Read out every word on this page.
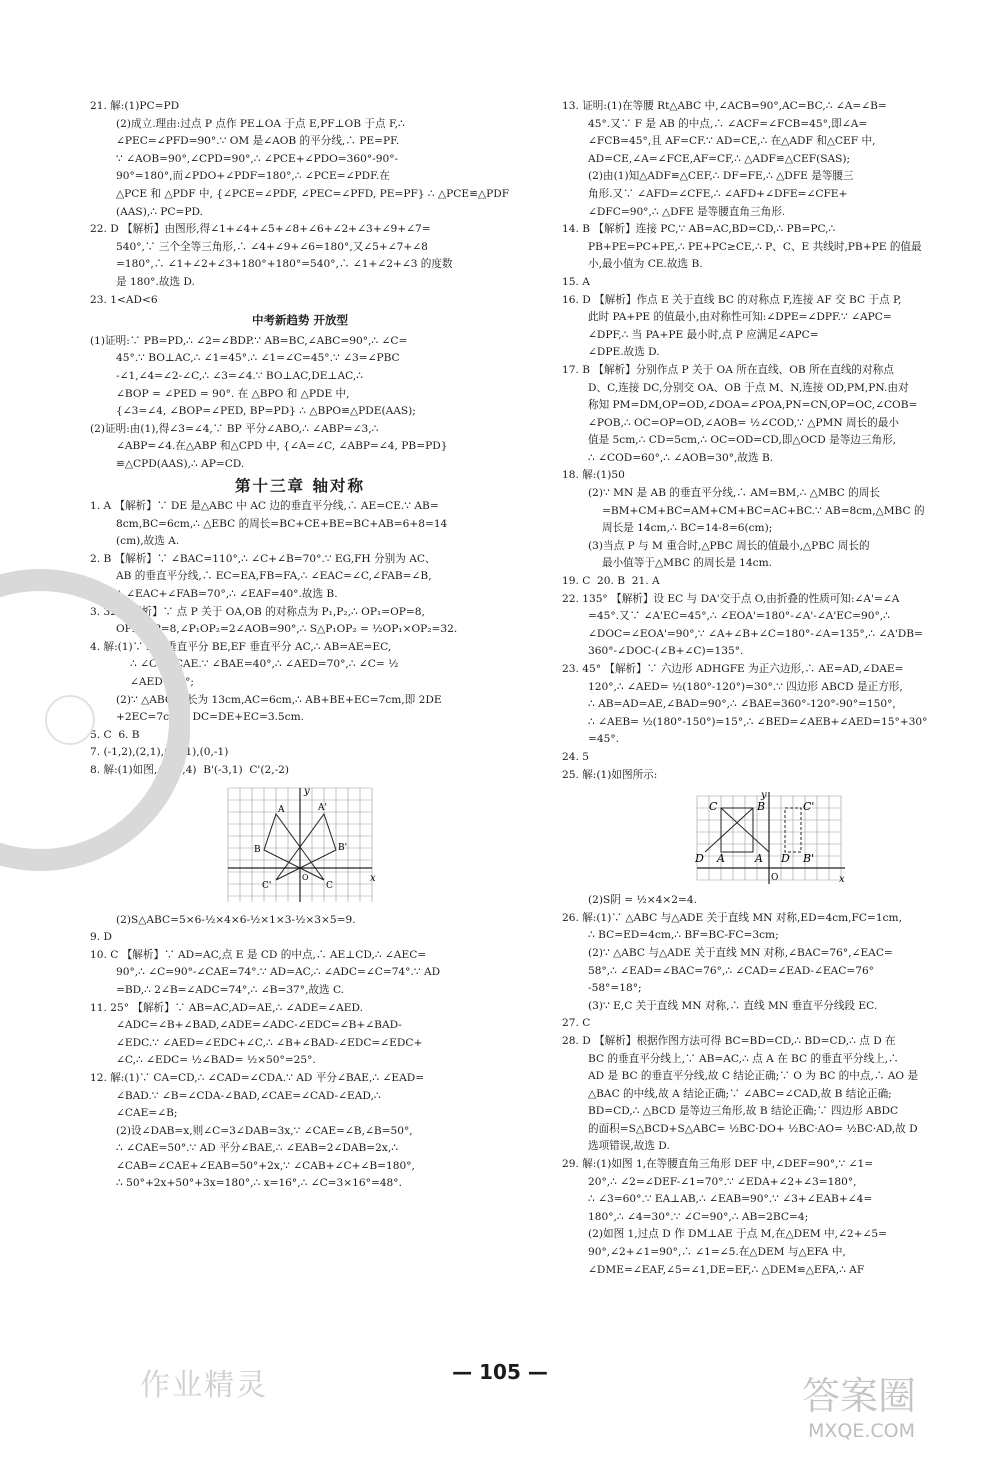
21. 解:(1)PC=PD

(2)成立.理由:过点 P 点作 PE⊥OA 于点 E,PF⊥OB 于点 F,∴

∠PEC=∠PFD=90°.∵ OM 是∠AOB 的平分线,∴ PE=PF.

∵ ∠AOB=90°,∠CPD=90°,∴ ∠PCE+∠PDO=360°-90°-

90°=180°,而∠PDO+∠PDF=180°,∴ ∠PCE=∠PDF.在

△PCE 和 △PDF 中, {∠PCE=∠PDF, ∠PEC=∠PFD, PE=PF} ∴ △PCE≌△PDF

(AAS),∴ PC=PD.

22. D 【解析】由图形,得∠1+∠4+∠5+∠8+∠6+∠2+∠3+∠9+∠7=

540°,∵ 三个全等三角形,∴ ∠4+∠9+∠6=180°,又∠5+∠7+∠8

=180°,∴ ∠1+∠2+∠3+180°+180°=540°,∴ ∠1+∠2+∠3 的度数

是 180°.故选 D.

23. 1<AD<6

中考新趋势 开放型

(1)证明:∵ PB=PD,∴ ∠2=∠BDP.∵ AB=BC,∠ABC=90°,∴ ∠C=

45°.∵ BO⊥AC,∴ ∠1=45°.∴ ∠1=∠C=45°.∵ ∠3=∠PBC

-∠1,∠4=∠2-∠C,∴ ∠3=∠4.∵ BO⊥AC,DE⊥AC,∴

∠BOP = ∠PED = 90°. 在 △BPO 和 △PDE 中,

{∠3=∠4, ∠BOP=∠PED, BP=PD} ∴ △BPO≌△PDE(AAS);

(2)证明:由(1),得∠3=∠4,∵ BP 平分∠ABO,∴ ∠ABP=∠3,∴

∠ABP=∠4.在△ABP 和△CPD 中, {∠A=∠C, ∠ABP=∠4, PB=PD}

≌△CPD(AAS),∴ AP=CD.

第十三章 轴对称

1. A 【解析】∵ DE 是△ABC 中 AC 边的垂直平分线,∴ AE=CE.∵ AB=

8cm,BC=6cm,∴ △EBC 的周长=BC+CE+BE=BC+AB=6+8=14

(cm),故选 A.

2. B 【解析】∵ ∠BAC=110°,∴ ∠C+∠B=70°.∵ EG,FH 分别为 AC、

AB 的垂直平分线,∴ EC=EA,FB=FA,∴ ∠EAC=∠C,∠FAB=∠B,

∴ ∠EAC+∠FAB=70°,∴ ∠EAF=40°.故选 B.

3. 32 【解析】∵ 点 P 关于 OA,OB 的对称点为 P₁,P₂,∴ OP₁=OP=8,

OP₂=OP=8,∠P₁OP₂=2∠AOB=90°,∴ S△P₁OP₂ = ½OP₁×OP₂=32.

4. 解:(1)∵ AD 垂直平分 BE,EF 垂直平分 AC,∴ AB=AE=EC,

∴ ∠C=∠CAE.∵ ∠BAE=40°,∴ ∠AED=70°,∴ ∠C= ½

∠AED=35°;

(2)∵ △ABC 周长为 13cm,AC=6cm,∴ AB+BE+EC=7cm,即 2DE

+2EC=7cm,∴ DC=DE+EC=3.5cm.

5. C  6. B

7. (-1,2),(2,1),(-1,-1),(0,-1)

8. 解:(1)如图,A'(-2,4)  B'(-3,1)  C'(2,-2)

x
y
O
A
B
C
A'
B'
C'

(2)S△ABC=5×6-½×4×6-½×1×3-½×3×5=9.

9. D

10. C 【解析】∵ AD=AC,点 E 是 CD 的中点,∴ AE⊥CD,∴ ∠AEC=

90°,∴ ∠C=90°-∠CAE=74°.∵ AD=AC,∴ ∠ADC=∠C=74°.∵ AD

=BD,∴ 2∠B=∠ADC=74°,∴ ∠B=37°,故选 C.

11. 25° 【解析】∵ AB=AC,AD=AE,∴ ∠ADE=∠AED.

∠ADC=∠B+∠BAD,∠ADE=∠ADC-∠EDC=∠B+∠BAD-

∠EDC.∵ ∠AED=∠EDC+∠C,∴ ∠B+∠BAD-∠EDC=∠EDC+

∠C,∴ ∠EDC= ½∠BAD= ½×50°=25°.

12. 解:(1)∵ CA=CD,∴ ∠CAD=∠CDA.∵ AD 平分∠BAE,∴ ∠EAD=

∠BAD.∵ ∠B=∠CDA-∠BAD,∠CAE=∠CAD-∠EAD,∴

∠CAE=∠B;

(2)设∠DAB=x,则∠C=3∠DAB=3x,∵ ∠CAE=∠B,∠B=50°,

∴ ∠CAE=50°.∵ AD 平分∠BAE,∴ ∠EAB=2∠DAB=2x,∴

∠CAB=∠CAE+∠EAB=50°+2x,∵ ∠CAB+∠C+∠B=180°,

∴ 50°+2x+50°+3x=180°,∴ x=16°,∴ ∠C=3×16°=48°.

13. 证明:(1)在等腰 Rt△ABC 中,∠ACB=90°,AC=BC,∴ ∠A=∠B=

45°.又∵ F 是 AB 的中点,∴ ∠ACF=∠FCB=45°,即∠A=

∠FCB=45°,且 AF=CF.∵ AD=CE,∴ 在△ADF 和△CEF 中,

AD=CE,∠A=∠FCE,AF=CF,∴ △ADF≌△CEF(SAS);

(2)由(1)知△ADF≌△CEF,∴ DF=FE,∴ △DFE 是等腰三

角形.又∵ ∠AFD=∠CFE,∴ ∠AFD+∠DFE=∠CFE+

∠DFC=90°,∴ △DFE 是等腰直角三角形.

14. B 【解析】连接 PC,∵ AB=AC,BD=CD,∴ PB=PC,∴

PB+PE=PC+PE,∴ PE+PC≥CE,∴ P、C、E 共线时,PB+PE 的值最

小,最小值为 CE.故选 B.

15. A

16. D 【解析】作点 E 关于直线 BC 的对称点 F,连接 AF 交 BC 于点 P,

此时 PA+PE 的值最小,由对称性可知:∠DPE=∠DPF.∵ ∠APC=

∠DPF,∴ 当 PA+PE 最小时,点 P 应满足∠APC=

∠DPE.故选 D.

17. B 【解析】分别作点 P 关于 OA 所在直线、OB 所在直线的对称点

D、C,连接 DC,分别交 OA、OB 于点 M、N,连接 OD,PM,PN.由对

称知 PM=DM,OP=OD,∠DOA=∠POA,PN=CN,OP=OC,∠COB=

∠POB,∴ OC=OP=OD,∠AOB= ½∠COD,∵ △PMN 周长的最小

值是 5cm,∴ CD=5cm,∴ OC=OD=CD,即△OCD 是等边三角形,

∴ ∠COD=60°,∴ ∠AOB=30°,故选 B.

18. 解:(1)50

(2)∵ MN 是 AB 的垂直平分线,∴ AM=BM,∴ △MBC 的周长

=BM+CM+BC=AM+CM+BC=AC+BC.∵ AB=8cm,△MBC 的

周长是 14cm,∴ BC=14-8=6(cm);

(3)当点 P 与 M 重合时,△PBC 周长的值最小,△PBC 周长的

最小值等于△MBC 的周长是 14cm.

19. C  20. B  21. A

22. 135° 【解析】设 EC 与 DA'交于点 O,由折叠的性质可知:∠A'=∠A

=45°.又∵ ∠A'EC=45°,∴ ∠EOA'=180°-∠A'-∠A'EC=90°,∴

∠DOC=∠EOA'=90°,∵ ∠A+∠B+∠C=180°-∠A=135°,∴ ∠A'DB=

360°-∠DOC-(∠B+∠C)=135°.

23. 45° 【解析】∵ 六边形 ADHGFE 为正六边形,∴ AE=AD,∠DAE=

120°,∴ ∠AED= ½(180°-120°)=30°.∵ 四边形 ABCD 是正方形,

∴ AB=AD=AE,∠BAD=90°,∴ ∠BAE=360°-120°-90°=150°,

∴ ∠AEB= ½(180°-150°)=15°,∴ ∠BED=∠AEB+∠AED=15°+30°

=45°.

24. 5

25. 解:(1)如图所示:

x
y
O
C	B	C'
D A	A D B'

(2)S阴 = ½×4×2=4.

26. 解:(1)∵ △ABC 与△ADE 关于直线 MN 对称,ED=4cm,FC=1cm,

∴ BC=ED=4cm,∴ BF=BC-FC=3cm;

(2)∵ △ABC 与△ADE 关于直线 MN 对称,∠BAC=76°,∠EAC=

58°,∴ ∠EAD=∠BAC=76°,∴ ∠CAD=∠EAD-∠EAC=76°

-58°=18°;

(3)∵ E,C 关于直线 MN 对称,∴ 直线 MN 垂直平分线段 EC.

27. C

28. D 【解析】根据作图方法可得 BC=BD=CD,∴ BD=CD,∴ 点 D 在

BC 的垂直平分线上,∵ AB=AC,∴ 点 A 在 BC 的垂直平分线上,∴

AD 是 BC 的垂直平分线,故 C 结论正确;∵ O 为 BC 的中点,∴ AO 是

△BAC 的中线,故 A 结论正确;∵ ∠ABC=∠CAD,故 B 结论正确;

BD=CD,∴ △BCD 是等边三角形,故 B 结论正确;∵ 四边形 ABDC

的面积=S△BCD+S△ABC= ½BC·DO+ ½BC·AO= ½BC·AD,故 D

选项错误,故选 D.

29. 解:(1)如图 1,在等腰直角三角形 DEF 中,∠DEF=90°,∵ ∠1=

20°,∴ ∠2=∠DEF-∠1=70°.∵ ∠EDA+∠2+∠3=180°,

∴ ∠3=60°.∵ EA⊥AB,∴ ∠EAB=90°.∵ ∠3+∠EAB+∠4=

180°,∴ ∠4=30°.∵ ∠C=90°,∴ AB=2BC=4;

(2)如图 1,过点 D 作 DM⊥AE 于点 M,在△DEM 中,∠2+∠5=

90°,∠2+∠1=90°,∴ ∠1=∠5.在△DEM 与△EFA 中,

∠DME=∠EAF,∠5=∠1,DE=EF,∴ △DEM≌△EFA,∴ AF

— 105 —
作业精灵	答案圈
MXQE.COM
